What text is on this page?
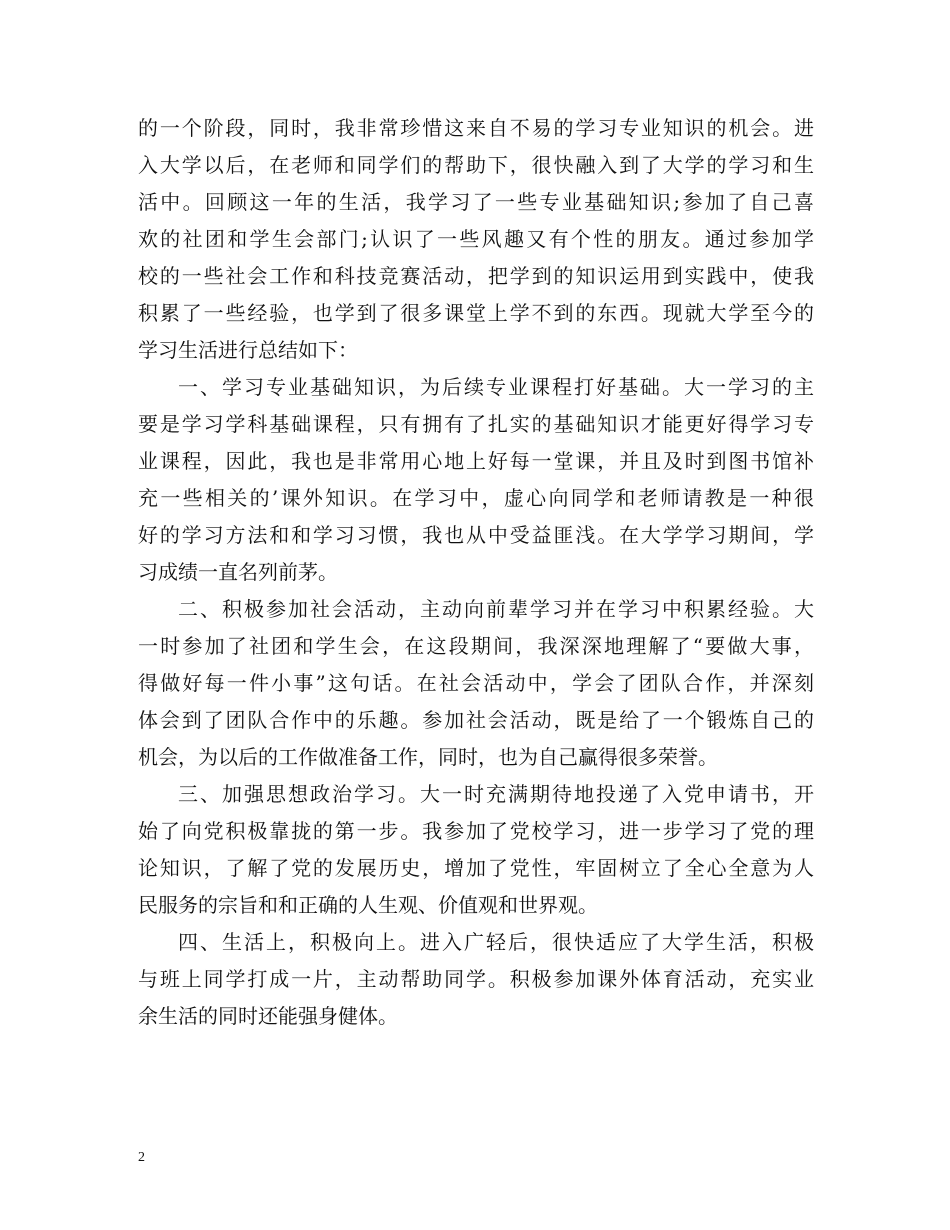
的一个阶段，同时，我非常珍惜这来自不易的学习专业知识的机会。进
入大学以后，在老师和同学们的帮助下，很快融入到了大学的学习和生
活中。回顾这一年的生活，我学习了一些专业基础知识;参加了自己喜
欢的社团和学生会部门;认识了一些风趣又有个性的朋友。通过参加学
校的一些社会工作和科技竞赛活动，把学到的知识运用到实践中，使我
积累了一些经验，也学到了很多课堂上学不到的东西。现就大学至今的
学习生活进行总结如下：
一、学习专业基础知识，为后续专业课程打好基础。大一学习的主
要是学习学科基础课程，只有拥有了扎实的基础知识才能更好得学习专
业课程，因此，我也是非常用心地上好每一堂课，并且及时到图书馆补
充一些相关的’课外知识。在学习中，虚心向同学和老师请教是一种很
好的学习方法和和学习习惯，我也从中受益匪浅。在大学学习期间，学
习成绩一直名列前茅。
二、积极参加社会活动，主动向前辈学习并在学习中积累经验。大
一时参加了社团和学生会，在这段期间，我深深地理解了“要做大事，
得做好每一件小事”这句话。在社会活动中，学会了团队合作，并深刻
体会到了团队合作中的乐趣。参加社会活动，既是给了一个锻炼自己的
机会，为以后的工作做准备工作，同时，也为自己赢得很多荣誉。
三、加强思想政治学习。大一时充满期待地投递了入党申请书，开
始了向党积极靠拢的第一步。我参加了党校学习，进一步学习了党的理
论知识，了解了党的发展历史，增加了党性，牢固树立了全心全意为人
民服务的宗旨和和正确的人生观、价值观和世界观。
四、生活上，积极向上。进入广轻后，很快适应了大学生活，积极
与班上同学打成一片，主动帮助同学。积极参加课外体育活动，充实业
余生活的同时还能强身健体。
2
